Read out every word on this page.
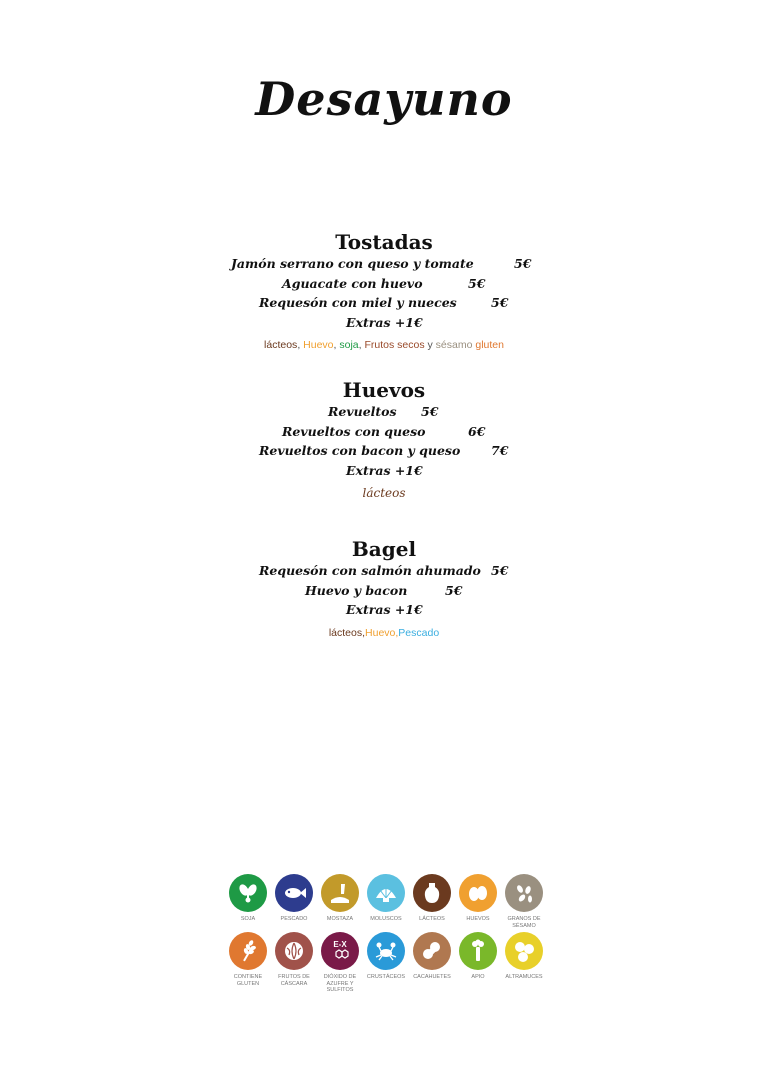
Desayuno
Tostadas
Jamón serrano con queso y tomate	5€
Aguacate con huevo	5€
Requesón con miel y nueces	5€
Extras +1€
lácteos, Huevo, soja, Frutos secos y sésamo gluten
Huevos
Revueltos 5€
Revueltos con queso	6€
Revueltos con bacon y queso 7€
Extras +1€
lácteos
Bagel
Requesón con salmón ahumado 5€
Huevo y bacon	5€
Extras +1€
lácteos,Huevo,Pescado
SOJA	PESCADO	MOSTAZA	MOLUSCOS	LÁCTEOS	HUEVOS	GRANOS DE SÉSAMO
CONTIENE GLUTEN
FRUTOS DE CÁSCARA
E-X
DIÓXIDO DE AZUFRE Y SULFITOS
CRUSTÁCEOS	CACAHUETES	APIO	ALTRAMUCES
